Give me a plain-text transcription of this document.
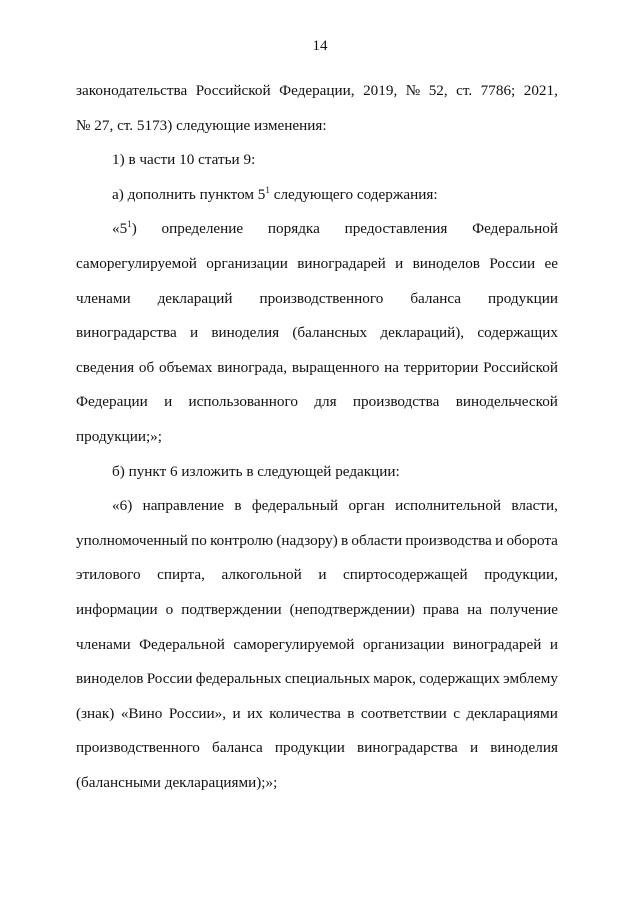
14
законодательства Российской Федерации, 2019, № 52, ст. 7786; 2021,
№ 27, ст. 5173) следующие изменения:
1) в части 10 статьи 9:
а) дополнить пунктом $5^1$ следующего содержания:
«$5^1$) определение порядка предоставления Федеральной
саморегулируемой организации виноградарей и виноделов России ее
членами деклараций производственного баланса продукции
виноградарства и виноделия (балансных деклараций), содержащих
сведения об объемах винограда, выращенного на территории Российской
Федерации и использованного для производства винодельческой
продукции;»;
б) пункт 6 изложить в следующей редакции:
«6) направление в федеральный орган исполнительной власти,
уполномоченный по контролю (надзору) в области производства и оборота
этилового спирта, алкогольной и спиртосодержащей продукции,
информации о подтверждении (неподтверждении) права на получение
членами Федеральной саморегулируемой организации виноградарей и
виноделов России федеральных специальных марок, содержащих эмблему
(знак) «Вино России», и их количества в соответствии с декларациями
производственного баланса продукции виноградарства и виноделия
(балансными декларациями);»;
